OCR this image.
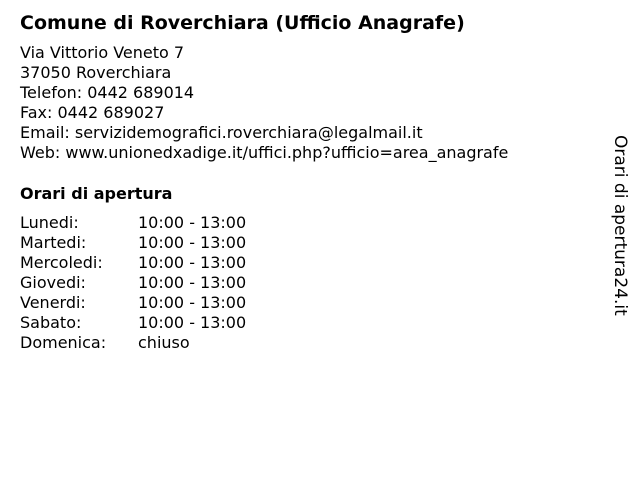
Comune di Roverchiara (Ufficio Anagrafe)
Via Vittorio Veneto 7
37050 Roverchiara
Telefon: 0442 689014
Fax: 0442 689027
Email: servizidemografici.roverchiara@legalmail.it
Web: www.unionedxadige.it/uffici.php?ufficio=area_anagrafe
Orari di apertura
Lunedi:	10:00 - 13:00
Martedi:	10:00 - 13:00
Mercoledi:	10:00 - 13:00
Giovedi:	10:00 - 13:00
Venerdi:	10:00 - 13:00
Sabato:	10:00 - 13:00
Domenica:	chiuso
Orari di apertura24.it
